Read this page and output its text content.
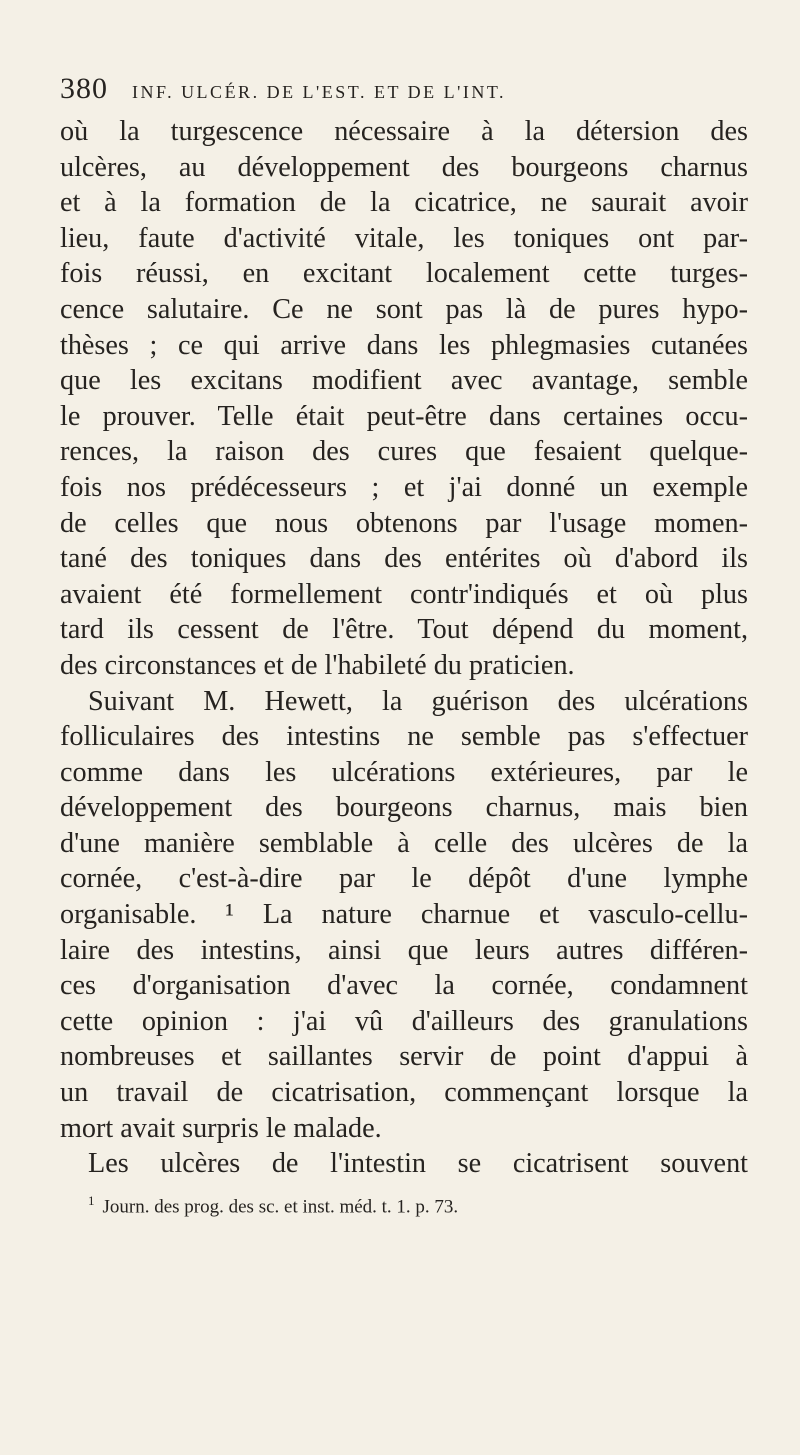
380 INF. ULCÉR. DE L'EST. ET DE L'INT.
où la turgescence nécessaire à la détersion des
ulcères, au développement des bourgeons charnus
et à la formation de la cicatrice, ne saurait avoir
lieu, faute d'activité vitale, les toniques ont par-
fois réussi, en excitant localement cette turges-
cence salutaire. Ce ne sont pas là de pures hypo-
thèses ; ce qui arrive dans les phlegmasies cutanées
que les excitans modifient avec avantage, semble
le prouver. Telle était peut-être dans certaines occu-
rences, la raison des cures que fesaient quelque-
fois nos prédécesseurs ; et j'ai donné un exemple
de celles que nous obtenons par l'usage momen-
tané des toniques dans des entérites où d'abord ils
avaient été formellement contr'indiqués et où plus
tard ils cessent de l'être. Tout dépend du moment,
des circonstances et de l'habileté du praticien.
Suivant M. Hewett, la guérison des ulcérations
folliculaires des intestins ne semble pas s'effectuer
comme dans les ulcérations extérieures, par le
développement des bourgeons charnus, mais bien
d'une manière semblable à celle des ulcères de la
cornée, c'est-à-dire par le dépôt d'une lymphe
organisable. ¹ La nature charnue et vasculo-cellu-
laire des intestins, ainsi que leurs autres différen-
ces d'organisation d'avec la cornée, condamnent
cette opinion : j'ai vû d'ailleurs des granulations
nombreuses et saillantes servir de point d'appui à
un travail de cicatrisation, commençant lorsque la
mort avait surpris le malade.
Les ulcères de l'intestin se cicatrisent souvent
$^1$ Journ. des prog. des sc. et inst. méd. t. 1. p. 73.
